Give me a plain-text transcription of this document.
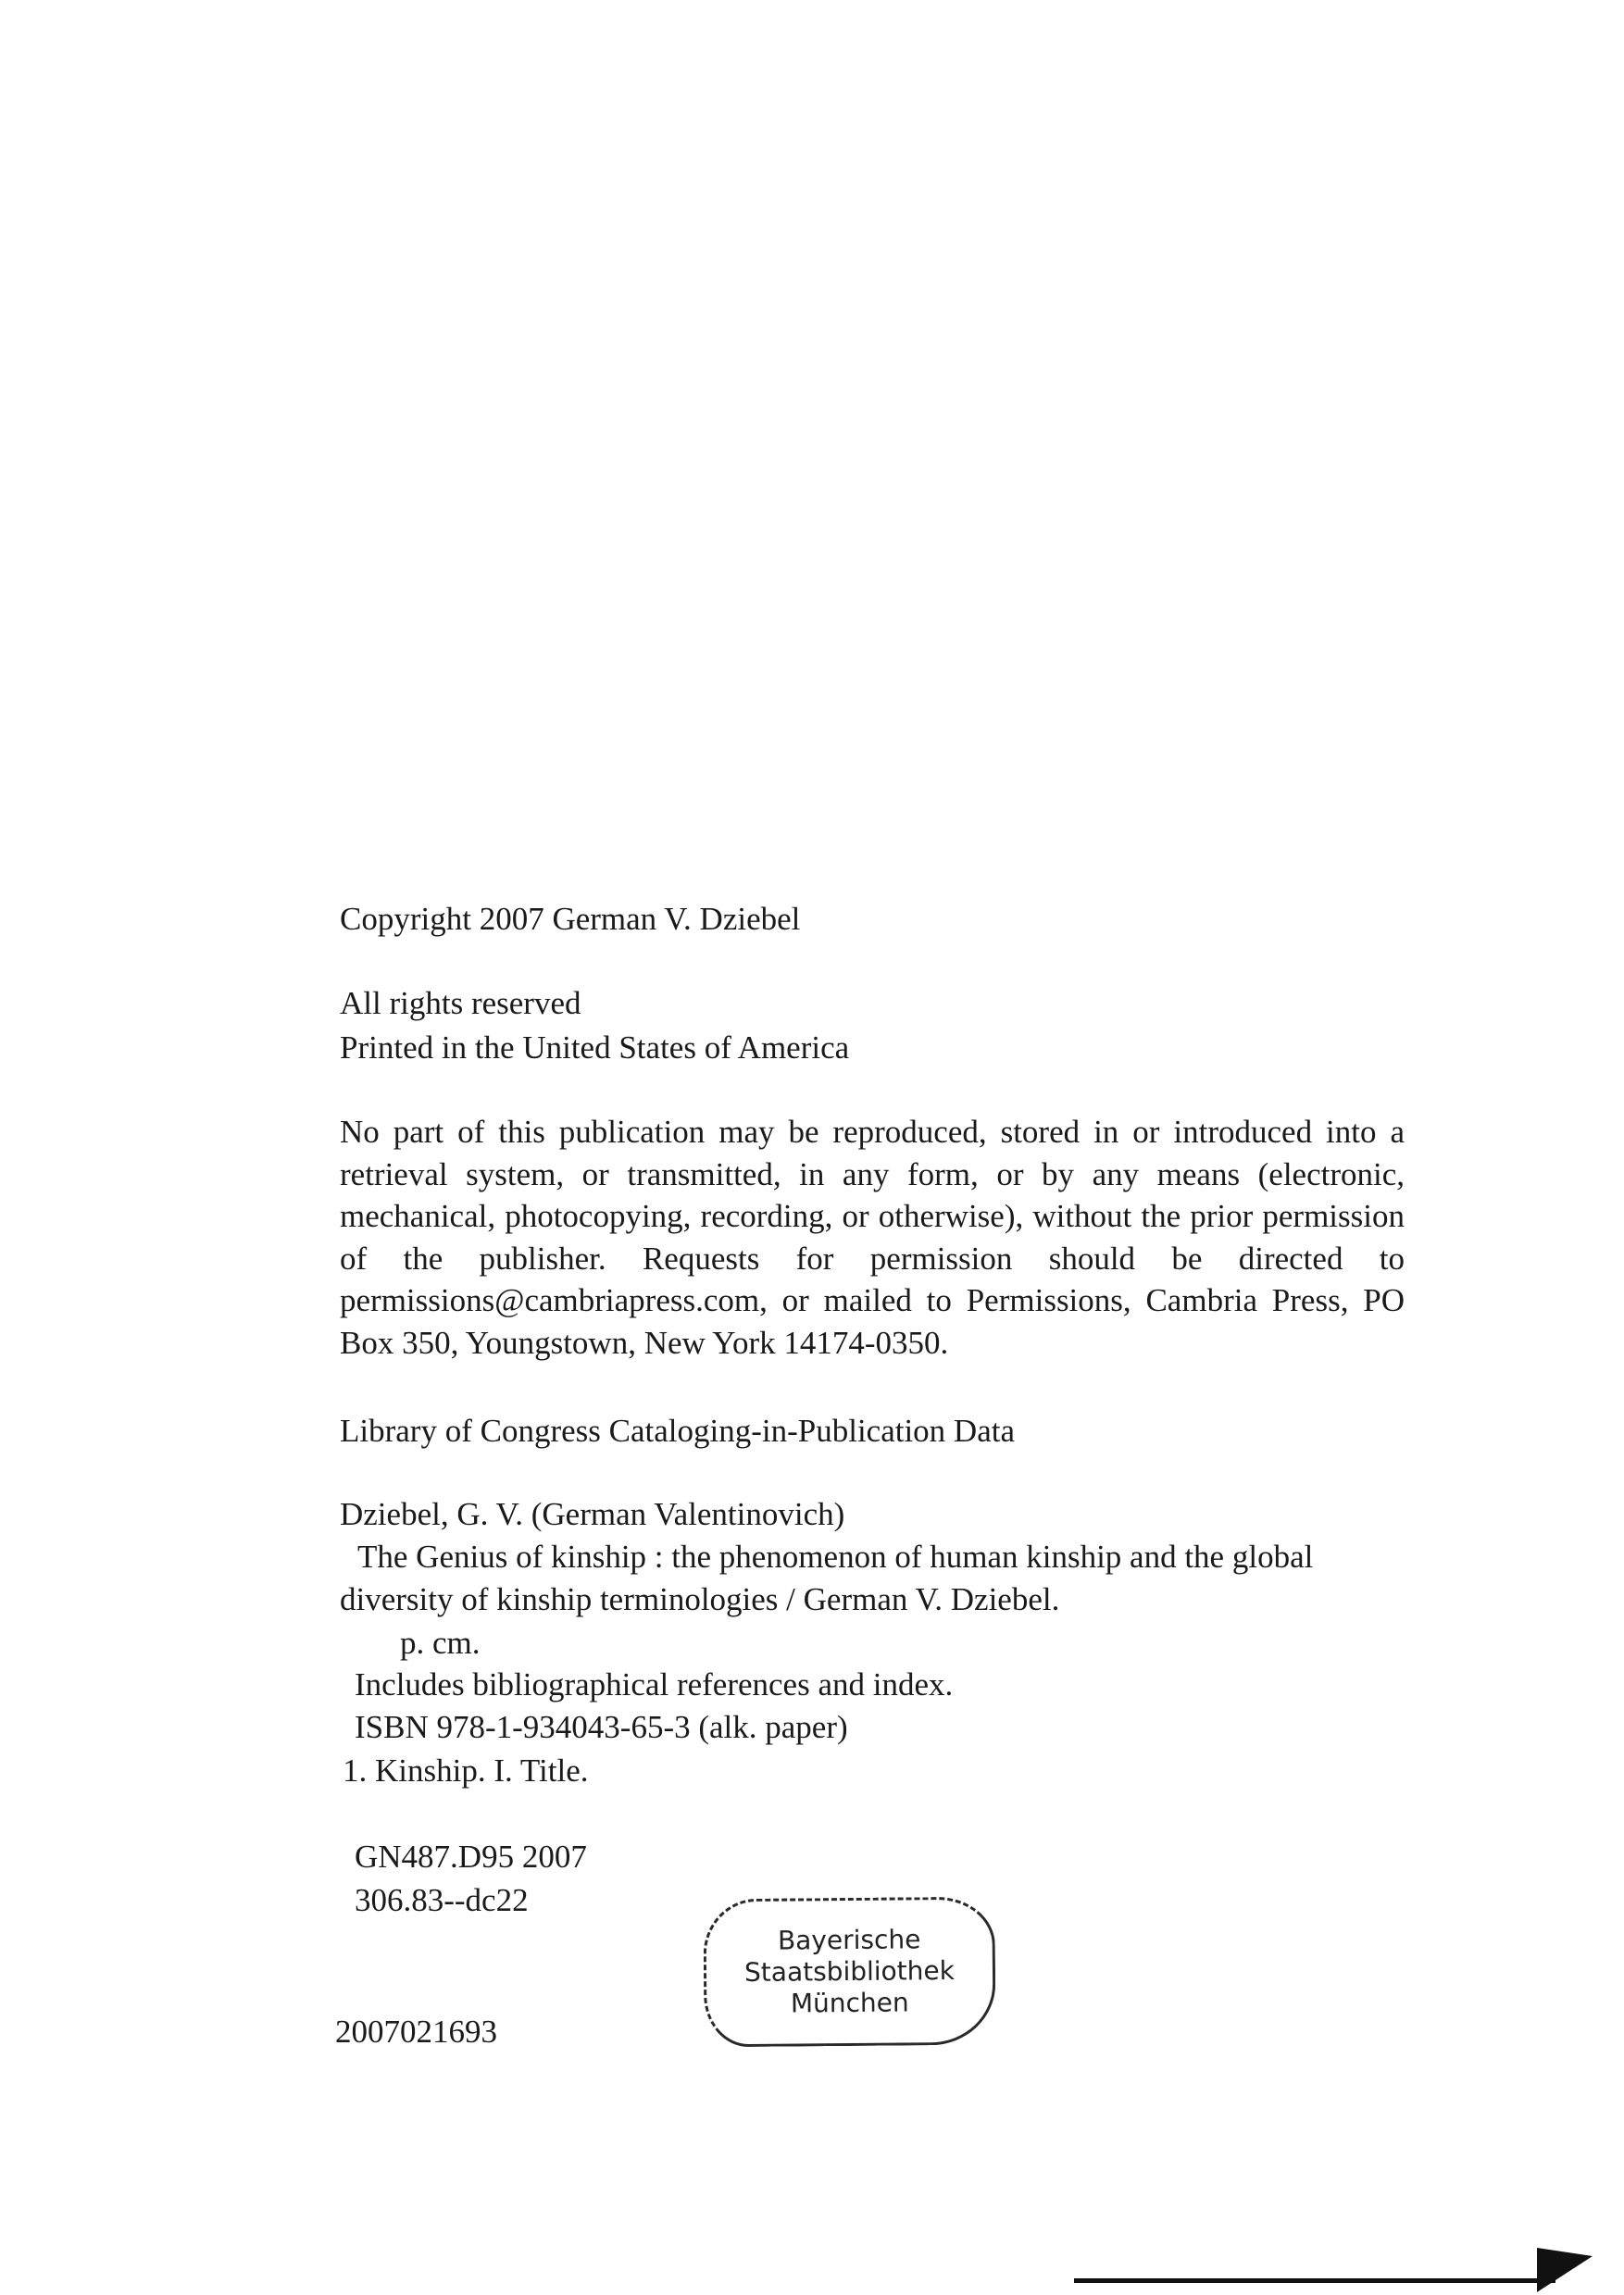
Copyright 2007 German V. Dziebel
All rights reserved
Printed in the United States of America
No part of this publication may be reproduced, stored in or introduced into a retrieval system, or transmitted, in any form, or by any means (electronic, mechanical, photocopying, recording, or otherwise), without the prior permission of the publisher. Requests for permission should be directed to permissions@cambriapress.com, or mailed to Permissions, Cambria Press, PO Box 350, Youngstown, New York 14174-0350.
Library of Congress Cataloging-in-Publication Data
Dziebel, G. V. (German Valentinovich)
The Genius of kinship : the phenomenon of human kinship and the global
diversity of kinship terminologies / German V. Dziebel.
p. cm.
Includes bibliographical references and index.
ISBN 978-1-934043-65-3 (alk. paper)
1. Kinship. I. Title.
GN487.D95 2007
306.83--dc22
2007021693
Bayerische
Staatsbibliothek
München
